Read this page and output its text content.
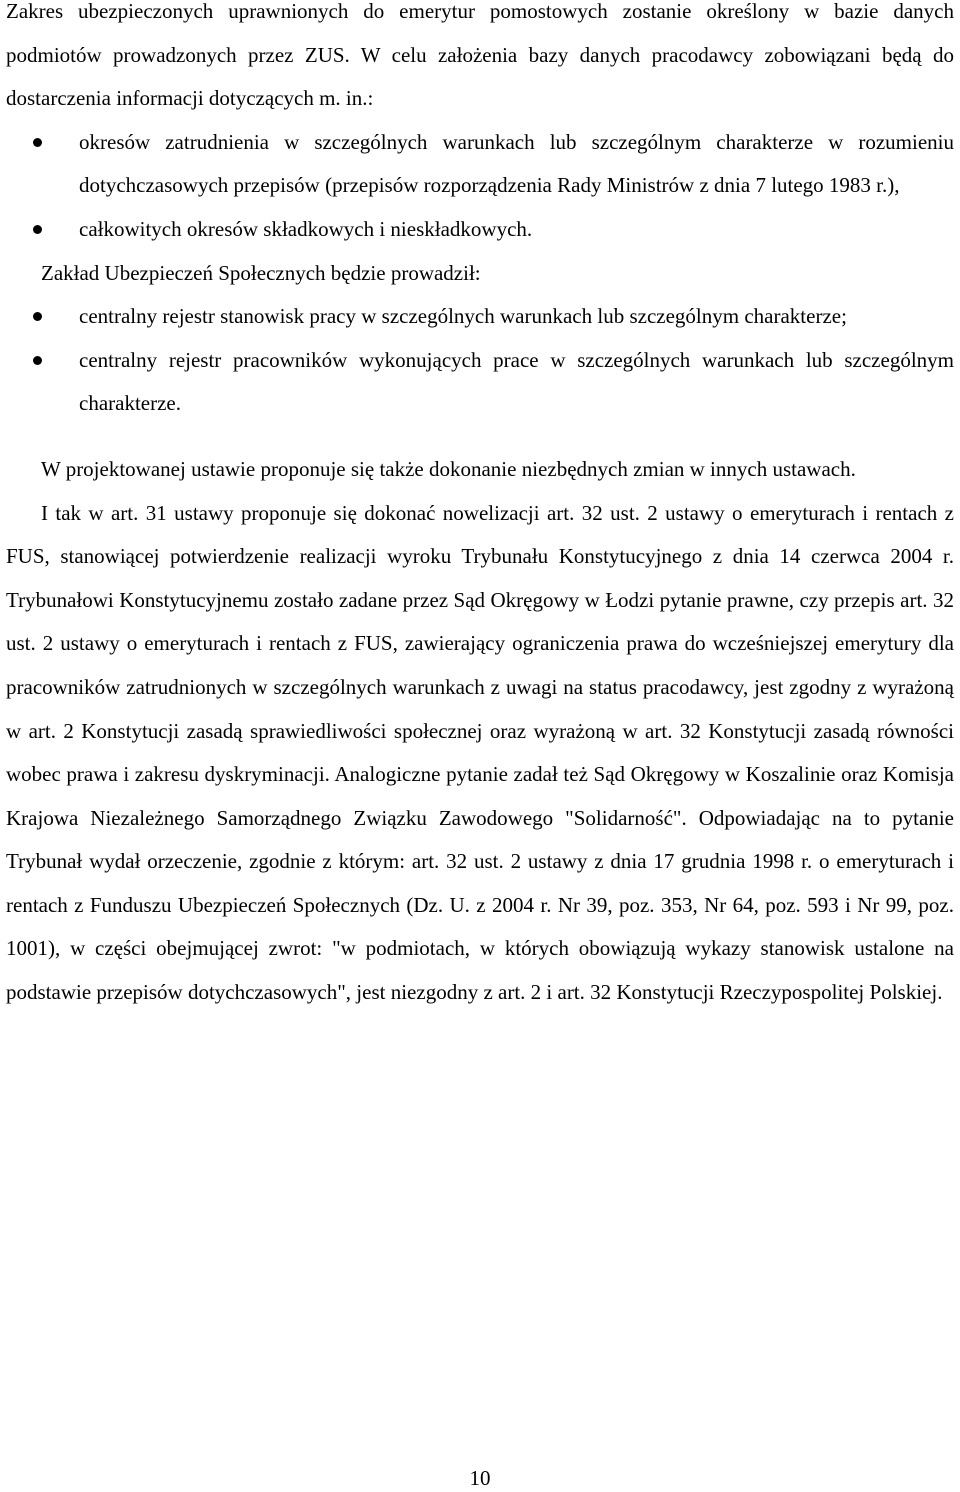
Zakres ubezpieczonych uprawnionych do emerytur pomostowych zostanie określony w bazie danych podmiotów prowadzonych przez ZUS. W celu założenia bazy danych pracodawcy zobowiązani będą do dostarczenia informacji dotyczących m. in.:

okresów zatrudnienia w szczególnych warunkach lub szczególnym charakterze w rozumieniu dotychczasowych przepisów (przepisów rozporządzenia Rady Ministrów z dnia 7 lutego 1983 r.),
całkowitych okresów składkowych i nieskładkowych.

Zakład Ubezpieczeń Społecznych będzie prowadził:

centralny rejestr stanowisk pracy w szczególnych warunkach lub szczególnym charakterze;
centralny rejestr pracowników wykonujących prace w szczególnych warunkach lub szczególnym charakterze.

W projektowanej ustawie proponuje się także dokonanie niezbędnych zmian w innych ustawach.

I tak w art. 31 ustawy proponuje się dokonać nowelizacji art. 32 ust. 2 ustawy o emeryturach i rentach z FUS, stanowiącej potwierdzenie realizacji wyroku Trybunału Konstytucyjnego z dnia 14 czerwca 2004 r. Trybunałowi Konstytucyjnemu zostało zadane przez Sąd Okręgowy w Łodzi pytanie prawne, czy przepis art. 32 ust. 2 ustawy o emeryturach i rentach z FUS, zawierający ograniczenia prawa do wcześniejszej emerytury dla pracowników zatrudnionych w szczególnych warunkach z uwagi na status pracodawcy, jest zgodny z wyrażoną w art. 2 Konstytucji zasadą sprawiedliwości społecznej oraz wyrażoną w art. 32 Konstytucji zasadą równości wobec prawa i zakresu dyskryminacji. Analogiczne pytanie zadał też Sąd Okręgowy w Koszalinie oraz Komisja Krajowa Niezależnego Samorządnego Związku Zawodowego "Solidarność". Odpowiadając na to pytanie Trybunał wydał orzeczenie, zgodnie z którym: art. 32 ust. 2 ustawy z dnia 17 grudnia 1998 r. o emeryturach i rentach z Funduszu Ubezpieczeń Społecznych (Dz. U. z 2004 r. Nr 39, poz. 353, Nr 64, poz. 593 i Nr 99, poz. 1001), w części obejmującej zwrot: "w podmiotach, w których obowiązują wykazy stanowisk ustalone na podstawie przepisów dotychczasowych", jest niezgodny z art. 2 i art. 32 Konstytucji Rzeczypospolitej Polskiej.

10
